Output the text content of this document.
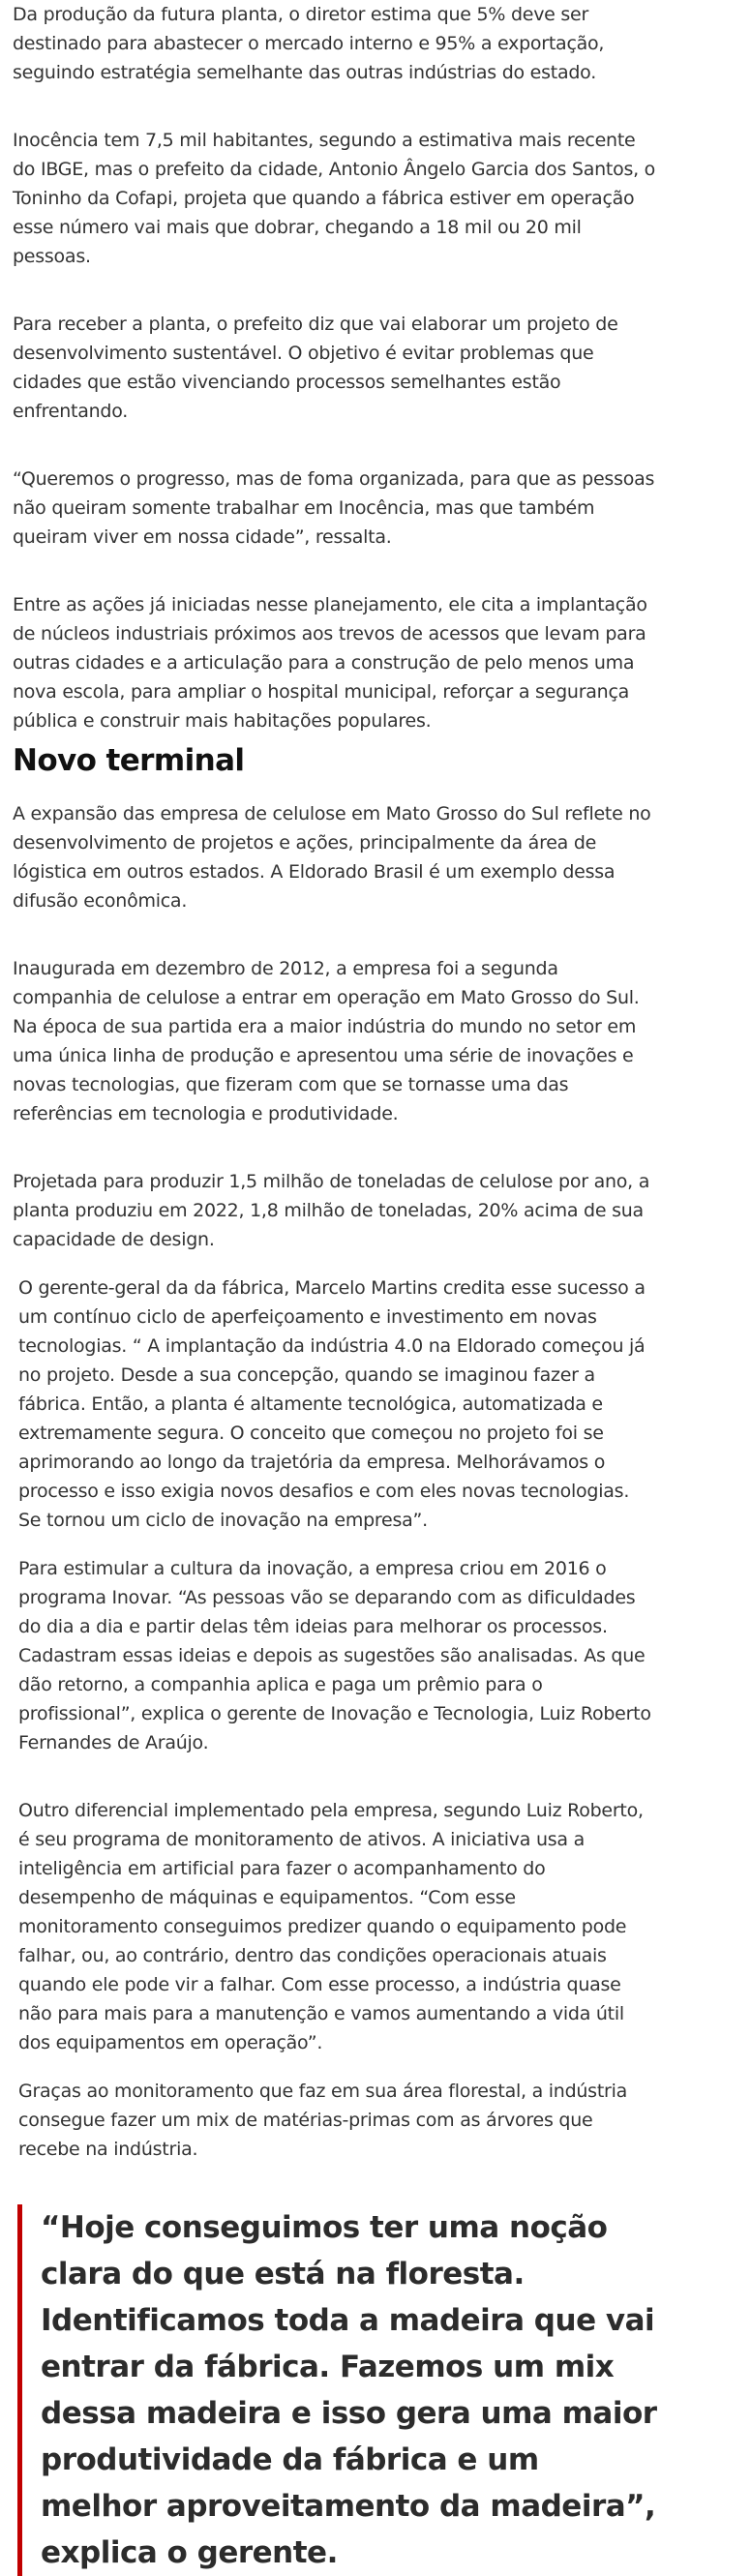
Da produção da futura planta, o diretor estima que 5% deve ser destinado para abastecer o mercado interno e 95% a exportação, seguindo estratégia semelhante das outras indústrias do estado.

Inocência tem 7,5 mil habitantes, segundo a estimativa mais recente do IBGE, mas o prefeito da cidade, Antonio Ângelo Garcia dos Santos, o Toninho da Cofapi, projeta que quando a fábrica estiver em operação esse número vai mais que dobrar, chegando a 18 mil ou 20 mil pessoas.

Para receber a planta, o prefeito diz que vai elaborar um projeto de desenvolvimento sustentável. O objetivo é evitar problemas que cidades que estão vivenciando processos semelhantes estão enfrentando.

“Queremos o progresso, mas de foma organizada, para que as pessoas não queiram somente trabalhar em Inocência, mas que também queiram viver em nossa cidade”, ressalta.

Entre as ações já iniciadas nesse planejamento, ele cita a implantação de núcleos industriais próximos aos trevos de acessos que levam para outras cidades e a articulação para a construção de pelo menos uma nova escola, para ampliar o hospital municipal, reforçar a segurança pública e construir mais habitações populares.

Novo terminal

A expansão das empresa de celulose em Mato Grosso do Sul reflete no desenvolvimento de projetos e ações, principalmente da área de lógistica em outros estados. A Eldorado Brasil é um exemplo dessa difusão econômica.

Inaugurada em dezembro de 2012, a empresa foi a segunda companhia de celulose a entrar em operação em Mato Grosso do Sul. Na época de sua partida era a maior indústria do mundo no setor em uma única linha de produção e apresentou uma série de inovações e novas tecnologias, que fizeram com que se tornasse uma das referências em tecnologia e produtividade.

Projetada para produzir 1,5 milhão de toneladas de celulose por ano, a planta produziu em 2022, 1,8 milhão de toneladas, 20% acima de sua capacidade de design.

O gerente-geral da da fábrica, Marcelo Martins credita esse sucesso a um contínuo ciclo de aperfeiçoamento e investimento em novas tecnologias. “ A implantação da indústria 4.0 na Eldorado começou já no projeto. Desde a sua concepção, quando se imaginou fazer a fábrica. Então, a planta é altamente tecnológica, automatizada e extremamente segura. O conceito que começou no projeto foi se aprimorando ao longo da trajetória da empresa. Melhorávamos o processo e isso exigia novos desafios e com eles novas tecnologias. Se tornou um ciclo de inovação na empresa”.

Para estimular a cultura da inovação, a empresa criou em 2016 o programa Inovar. “As pessoas vão se deparando com as dificuldades do dia a dia e partir delas têm ideias para melhorar os processos. Cadastram essas ideias e depois as sugestões são analisadas. As que dão retorno, a companhia aplica e paga um prêmio para o profissional”, explica o gerente de Inovação e Tecnologia, Luiz Roberto Fernandes de Araújo.

Outro diferencial implementado pela empresa, segundo Luiz Roberto, é seu programa de monitoramento de ativos. A iniciativa usa a inteligência em artificial para fazer o acompanhamento do desempenho de máquinas e equipamentos. “Com esse monitoramento conseguimos predizer quando o equipamento pode falhar, ou, ao contrário, dentro das condições operacionais atuais quando ele pode vir a falhar. Com esse processo, a indústria quase não para mais para a manutenção e vamos aumentando a vida útil dos equipamentos em operação”.

Graças ao monitoramento que faz em sua área florestal, a indústria consegue fazer um mix de matérias-primas com as árvores que recebe na indústria.

“Hoje conseguimos ter uma noção clara do que está na floresta. Identificamos toda a madeira que vai entrar da fábrica. Fazemos um mix dessa madeira e isso gera uma maior produtividade da fábrica e um melhor aproveitamento da madeira”, explica o gerente.
